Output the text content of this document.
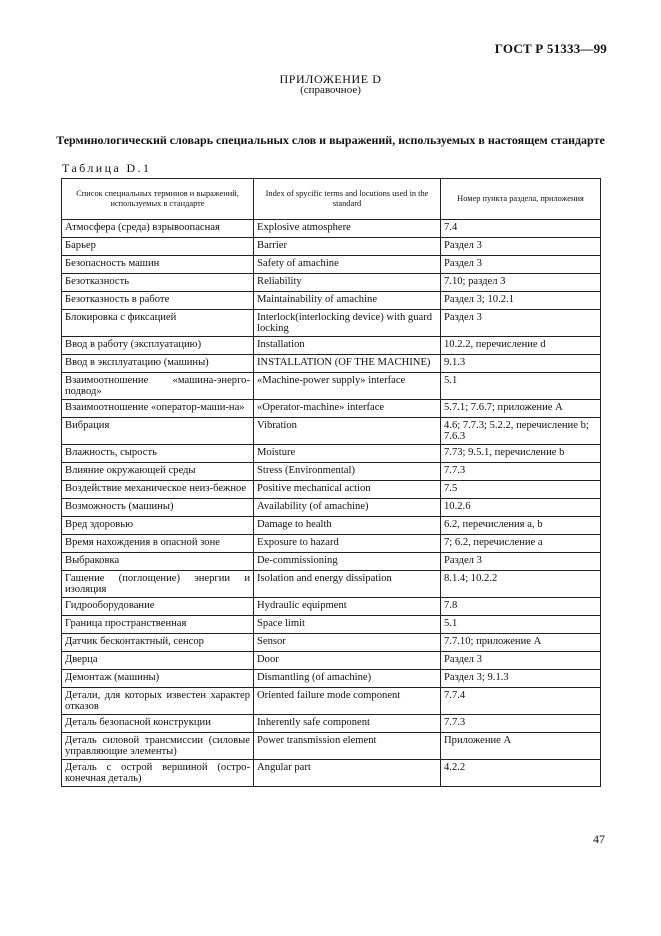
ГОСТ Р 51333—99
ПРИЛОЖЕНИЕ D
(справочное)
Терминологический словарь специальных слов и выражений, используемых в настоящем стандарте
Таблица D.1
Список специальных терминов и выражений, используемых в стандарте	Index of spycific terms and locutions used in the standard	Номер пункта раздела, приложения
Атмосфера (среда) взрывоопасная	Explosive atmosphere	7.4
Барьер	Barrier	Раздел 3
Безопасность машин	Safety of amachine	Раздел 3
Безотказность	Reliability	7.10; раздел 3
Безотказность в работе	Maintainability of amachine	Раздел 3; 10.2.1
Блокировка с фиксацией	Interlock(interlocking device) with guard locking	Раздел 3
Ввод в работу (эксплуатацию)	Installation	10.2.2, перечисление d
Ввод в эксплуатацию (машины)	INSTALLATION (OF THE MACHINE)	9.1.3
Взаимоотношение «машина-энерго-подвод»	«Machine-power supply» interface	5.1
Взаимоотношение «оператор-маши-на»	«Operator-machine» interface	5.7.1; 7.6.7; приложение А
Вибрация	Vibration	4.6; 7.7.3; 5.2.2, перечисление b; 7.6.3
Влажность, сырость	Moisture	7.73; 9.5.1, перечисление b
Влияние окружающей среды	Stress (Environmental)	7.7.3
Воздействие механическое неиз-бежное	Positive mechanical action	7.5
Возможность (машины)	Availability (of amachine)	10.2.6
Вред здоровью	Damage to health	6.2, перечисления a, b
Время нахождения в опасной зоне	Exposure to hazard	7; 6.2, перечисление а
Выбраковка	De-commissioning	Раздел 3
Гашение (поглощение) энергии и изоляция	Isolation and energy dissipation	8.1.4; 10.2.2
Гидрооборудование	Hydraulic equipment	7.8
Граница пространственная	Space limit	5.1
Датчик бесконтактный, сенсор	Sensor	7.7.10; приложение А
Дверца	Door	Раздел 3
Демонтаж (машины)	Dismantling (of amachine)	Раздел 3; 9.1.3
Детали, для которых известен характер отказов	Oriented failure mode component	7.7.4
Деталь безопасной конструкции	Inherently safe component	7.7.3
Деталь силовой трансмиссии (силовые управляющие элементы)	Power transmission element	Приложение А
Деталь с острой вершиной (остро-конечная деталь)	Angular part	4.2.2
47
